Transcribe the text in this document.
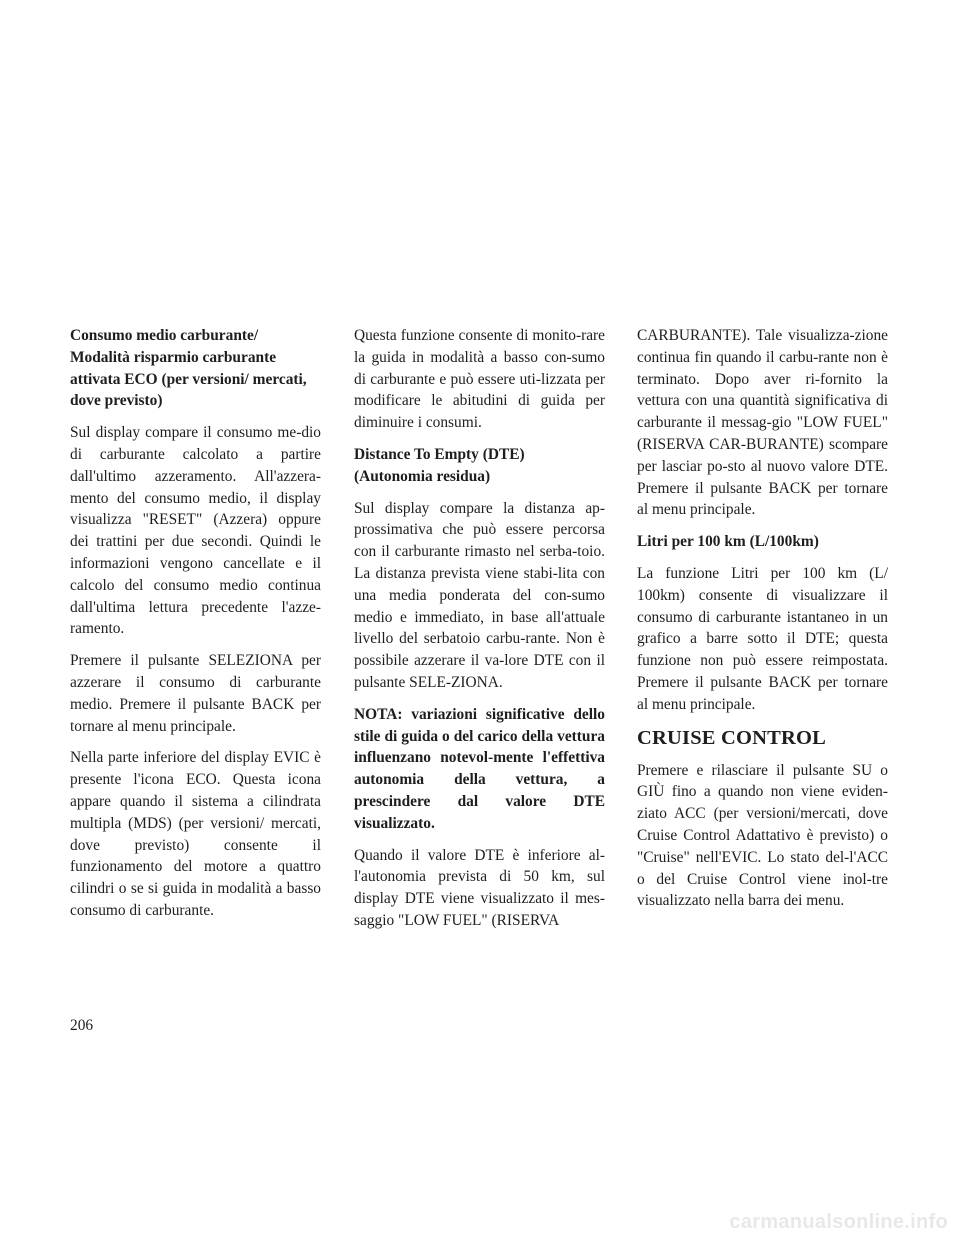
Consumo medio carburante/ Modalità risparmio carburante attivata ECO (per versioni/ mercati, dove previsto)

Sul display compare il consumo me-dio di carburante calcolato a partire dall'ultimo azzeramento. All'azzera-mento del consumo medio, il display visualizza "RESET" (Azzera) oppure dei trattini per due secondi. Quindi le informazioni vengono cancellate e il calcolo del consumo medio continua dall'ultima lettura precedente l'azze-ramento.

Premere il pulsante SELEZIONA per azzerare il consumo di carburante medio. Premere il pulsante BACK per tornare al menu principale.

Nella parte inferiore del display EVIC è presente l'icona ECO. Questa icona appare quando il sistema a cilindrata multipla (MDS) (per versioni/ mercati, dove previsto) consente il funzionamento del motore a quattro cilindri o se si guida in modalità a basso consumo di carburante.

Questa funzione consente di monito-rare la guida in modalità a basso con-sumo di carburante e può essere uti-lizzata per modificare le abitudini di guida per diminuire i consumi.

Distance To Empty (DTE) (Autonomia residua)

Sul display compare la distanza ap-prossimativa che può essere percorsa con il carburante rimasto nel serba-toio. La distanza prevista viene stabi-lita con una media ponderata del con-sumo medio e immediato, in base all'attuale livello del serbatoio carbu-rante. Non è possibile azzerare il va-lore DTE con il pulsante SELE-ZIONA.

NOTA: variazioni significative dello stile di guida o del carico della vettura influenzano notevol-mente l'effettiva autonomia della vettura, a prescindere dal valore DTE visualizzato.

Quando il valore DTE è inferiore al-l'autonomia prevista di 50 km, sul display DTE viene visualizzato il mes-saggio "LOW FUEL" (RISERVA

CARBURANTE). Tale visualizza-zione continua fin quando il carbu-rante non è terminato. Dopo aver ri-fornito la vettura con una quantità significativa di carburante il messag-gio "LOW FUEL" (RISERVA CAR-BURANTE) scompare per lasciar po-sto al nuovo valore DTE. Premere il pulsante BACK per tornare al menu principale.

Litri per 100 km (L/100km)

La funzione Litri per 100 km (L/ 100km) consente di visualizzare il consumo di carburante istantaneo in un grafico a barre sotto il DTE; questa funzione non può essere reimpostata. Premere il pulsante BACK per tornare al menu principale.

CRUISE CONTROL

Premere e rilasciare il pulsante SU o GIÙ fino a quando non viene eviden-ziato ACC (per versioni/mercati, dove Cruise Control Adattativo è previsto) o "Cruise" nell'EVIC. Lo stato del-l'ACC o del Cruise Control viene inol-tre visualizzato nella barra dei menu.

206
carmanualsonline.info
